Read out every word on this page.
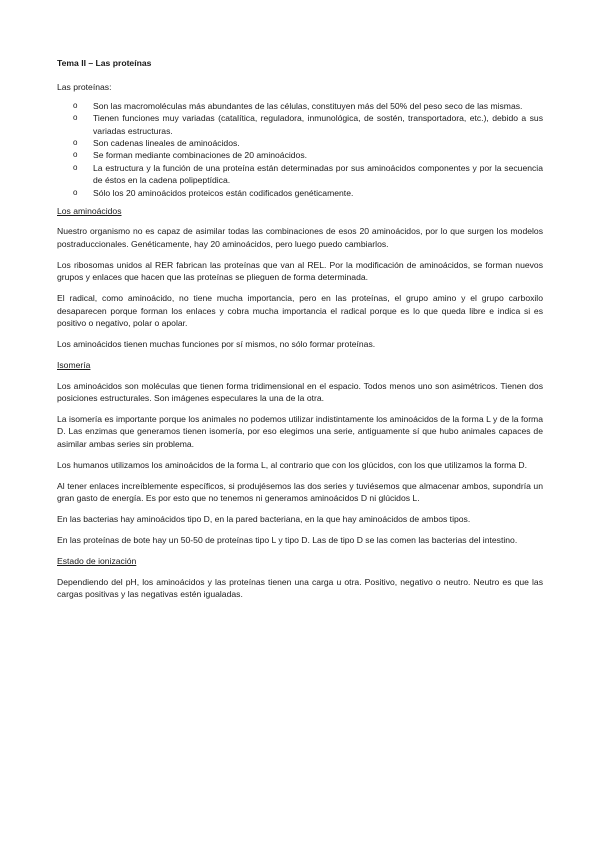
Tema II – Las proteínas
Las proteínas:
o Son las macromoléculas más abundantes de las células, constituyen más del 50% del peso seco de las mismas.
o Tienen funciones muy variadas (catalítica, reguladora, inmunológica, de sostén, transportadora, etc.), debido a sus variadas estructuras.
o Son cadenas lineales de aminoácidos.
o Se forman mediante combinaciones de 20 aminoácidos.
o La estructura y la función de una proteína están determinadas por sus aminoácidos componentes y por la secuencia de éstos en la cadena polipeptídica.
o Sólo los 20 aminoácidos proteicos están codificados genéticamente.
Los aminoácidos

Nuestro organismo no es capaz de asimilar todas las combinaciones de esos 20 aminoácidos, por lo que surgen los modelos postraduccionales. Genéticamente, hay 20 aminoácidos, pero luego puedo cambiarlos.

Los ribosomas unidos al RER fabrican las proteínas que van al REL. Por la modificación de aminoácidos, se forman nuevos grupos y enlaces que hacen que las proteínas se plieguen de forma determinada.

El radical, como aminoácido, no tiene mucha importancia, pero en las proteínas, el grupo amino y el grupo carboxilo desaparecen porque forman los enlaces y cobra mucha importancia el radical porque es lo que queda libre e indica si es positivo o negativo, polar o apolar.

Los aminoácidos tienen muchas funciones por sí mismos, no sólo formar proteínas.

Isomería

Los aminoácidos son moléculas que tienen forma tridimensional en el espacio. Todos menos uno son asimétricos. Tienen dos posiciones estructurales. Son imágenes especulares la una de la otra.

La isomería es importante porque los animales no podemos utilizar indistintamente los aminoácidos de la forma L y de la forma D. Las enzimas que generamos tienen isomería, por eso elegimos una serie, antiguamente sí que hubo animales capaces de asimilar ambas series sin problema.

Los humanos utilizamos los aminoácidos de la forma L, al contrario que con los glúcidos, con los que utilizamos la forma D.

Al tener enlaces increíblemente específicos, si produjésemos las dos series y tuviésemos que almacenar ambos, supondría un gran gasto de energía. Es por esto que no tenemos ni generamos aminoácidos D ni glúcidos L.

En las bacterias hay aminoácidos tipo D, en la pared bacteriana, en la que hay aminoácidos de ambos tipos.

En las proteínas de bote hay un 50-50 de proteínas tipo L y tipo D. Las de tipo D se las comen las bacterias del intestino.

Estado de ionización

Dependiendo del pH, los aminoácidos y las proteínas tienen una carga u otra. Positivo, negativo o neutro. Neutro es que las cargas positivas y las negativas estén igualadas.
